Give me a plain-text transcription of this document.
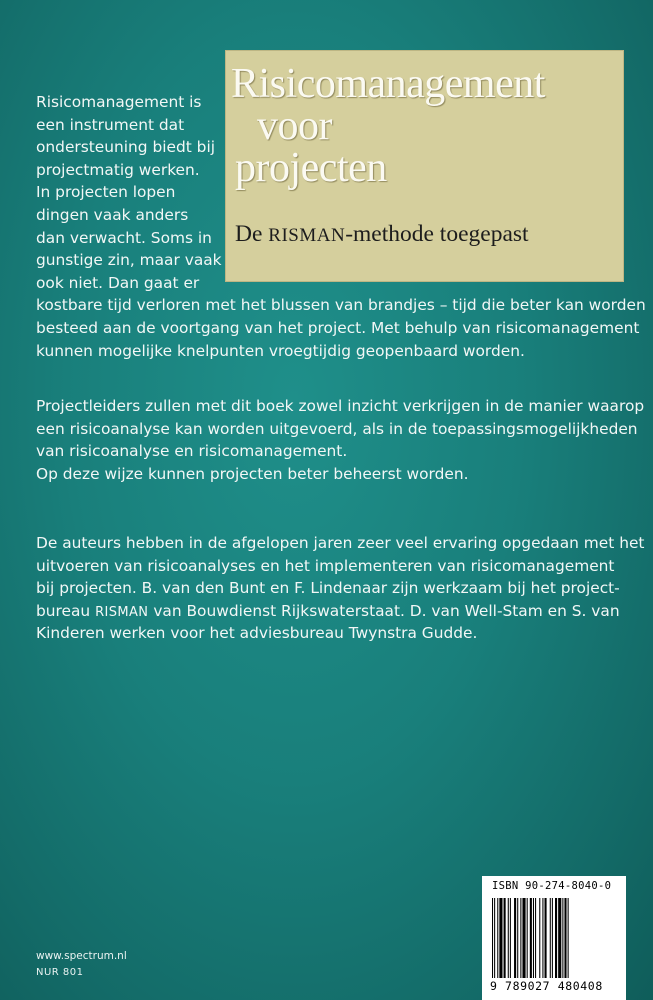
Risicomanagement
voor
projecten
De RISMAN-methode toegepast
Risicomanagement is
een instrument dat
ondersteuning biedt bij
projectmatig werken.
In projecten lopen
dingen vaak anders
dan verwacht. Soms in
gunstige zin, maar vaak
ook niet. Dan gaat er
kostbare tijd verloren met het blussen van brandjes – tijd die beter kan worden
besteed aan de voortgang van het project. Met behulp van risicomanagement
kunnen mogelijke knelpunten vroegtijdig geopenbaard worden.
Projectleiders zullen met dit boek zowel inzicht verkrijgen in de manier waarop
een risicoanalyse kan worden uitgevoerd, als in de toepassingsmogelijkheden
van risicoanalyse en risicomanagement.
Op deze wijze kunnen projecten beter beheerst worden.
De auteurs hebben in de afgelopen jaren zeer veel ervaring opgedaan met het
uitvoeren van risicoanalyses en het implementeren van risicomanagement
bij projecten. B. van den Bunt en F. Lindenaar zijn werkzaam bij het project-
bureau RISMAN van Bouwdienst Rijkswaterstaat. D. van Well-Stam en S. van
Kinderen werken voor het adviesbureau Twynstra Gudde.
ISBN 90-274-8040-0
9 789027 480408
www.spectrum.nl
NUR 801
